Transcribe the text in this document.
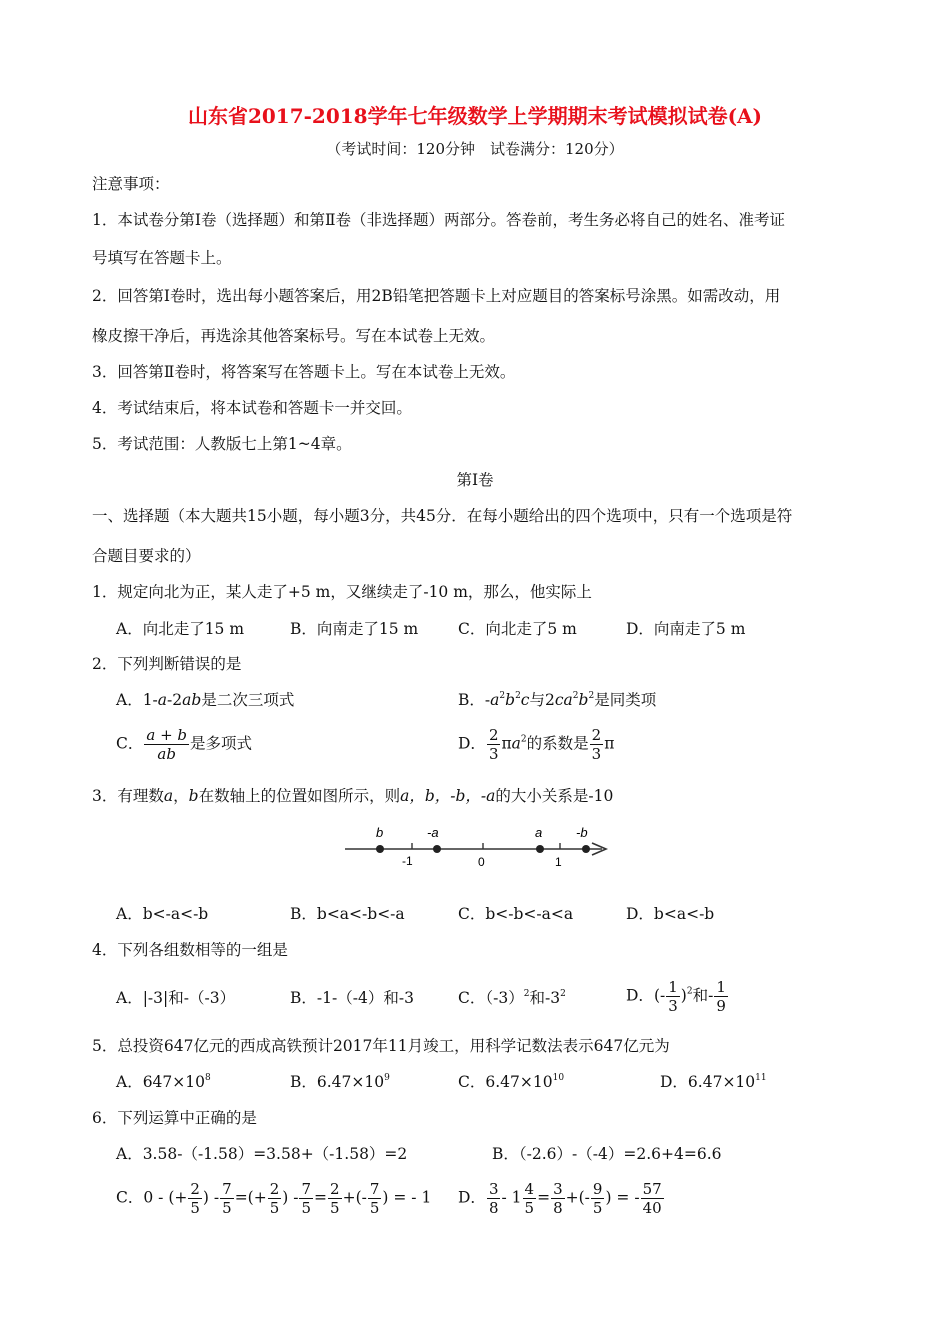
山东省2017-2018学年七年级数学上学期期末考试模拟试卷(A)
（考试时间：120分钟　试卷满分：120分）
注意事项：
1．本试卷分第Ⅰ卷（选择题）和第Ⅱ卷（非选择题）两部分。答卷前，考生务必将自己的姓名、准考证
号填写在答题卡上。
2．回答第Ⅰ卷时，选出每小题答案后，用2B铅笔把答题卡上对应题目的答案标号涂黑。如需改动，用
橡皮擦干净后，再选涂其他答案标号。写在本试卷上无效。
3．回答第Ⅱ卷时，将答案写在答题卡上。写在本试卷上无效。
4．考试结束后，将本试卷和答题卡一并交回。
5．考试范围：人教版七上第1~4章。
第Ⅰ卷
一、选择题（本大题共15小题，每小题3分，共45分．在每小题给出的四个选项中，只有一个选项是符
合题目要求的）
1．规定向北为正，某人走了+5 m，又继续走了-10 m，那么，他实际上
A．向北走了15 m	B．向南走了15 m	C．向北走了5 m	D．向南走了5 m
2．下列判断错误的是
A．1-a-2ab是二次三项式	B．$-a^2b^2c$与$2ca^2b^2$是同类项
C． $\frac{a + b}{ab}$ 是多项式	D． $\frac{2}{3} \pi a^2$的系数是 $\frac{2}{3}$ π
3．有理数a，b在数轴上的位置如图所示，则a，b，-b，-a的大小关系是-10
b	-a	a	-b
-1	0	1
A．b<-a<-b	B．b<a<-b<-a	C．b<-b<-a<a	D．b<a<-b
4．下列各组数相等的一组是
A．|-3|和-（-3）	B．-1-（-4）和-3	C．$(-3)^2$和$-3^2$	D．(- $\frac{1}{3} )^2$和- $\frac{1}{9}$
5．总投资647亿元的西成高铁预计2017年11月竣工，用科学记数法表示647亿元为
A．$647\times 10^8$	B．$6.47\times 10^9$	C．$6.47\times 10^{10}$	D．$6.47\times 10^{11}$
6．下列运算中正确的是
A．3.58-（-1.58）=3.58+（-1.58）=2	B．（-2.6）-（-4）=2.6+4=6.6
C．0 - (+ $\frac{2}{5}$ ) - $\frac{7}{5}$ =(+ $\frac{2}{5}$ ) - $\frac{7}{5} = \frac{2}{5}$ +(- $\frac{7}{5}$ ) = - 1 D． $\frac{3}{8} - 1 \frac{4}{5} = \frac{3}{8}$ +(- $\frac{9}{5}$ ) = - $\frac{57}{40}$
